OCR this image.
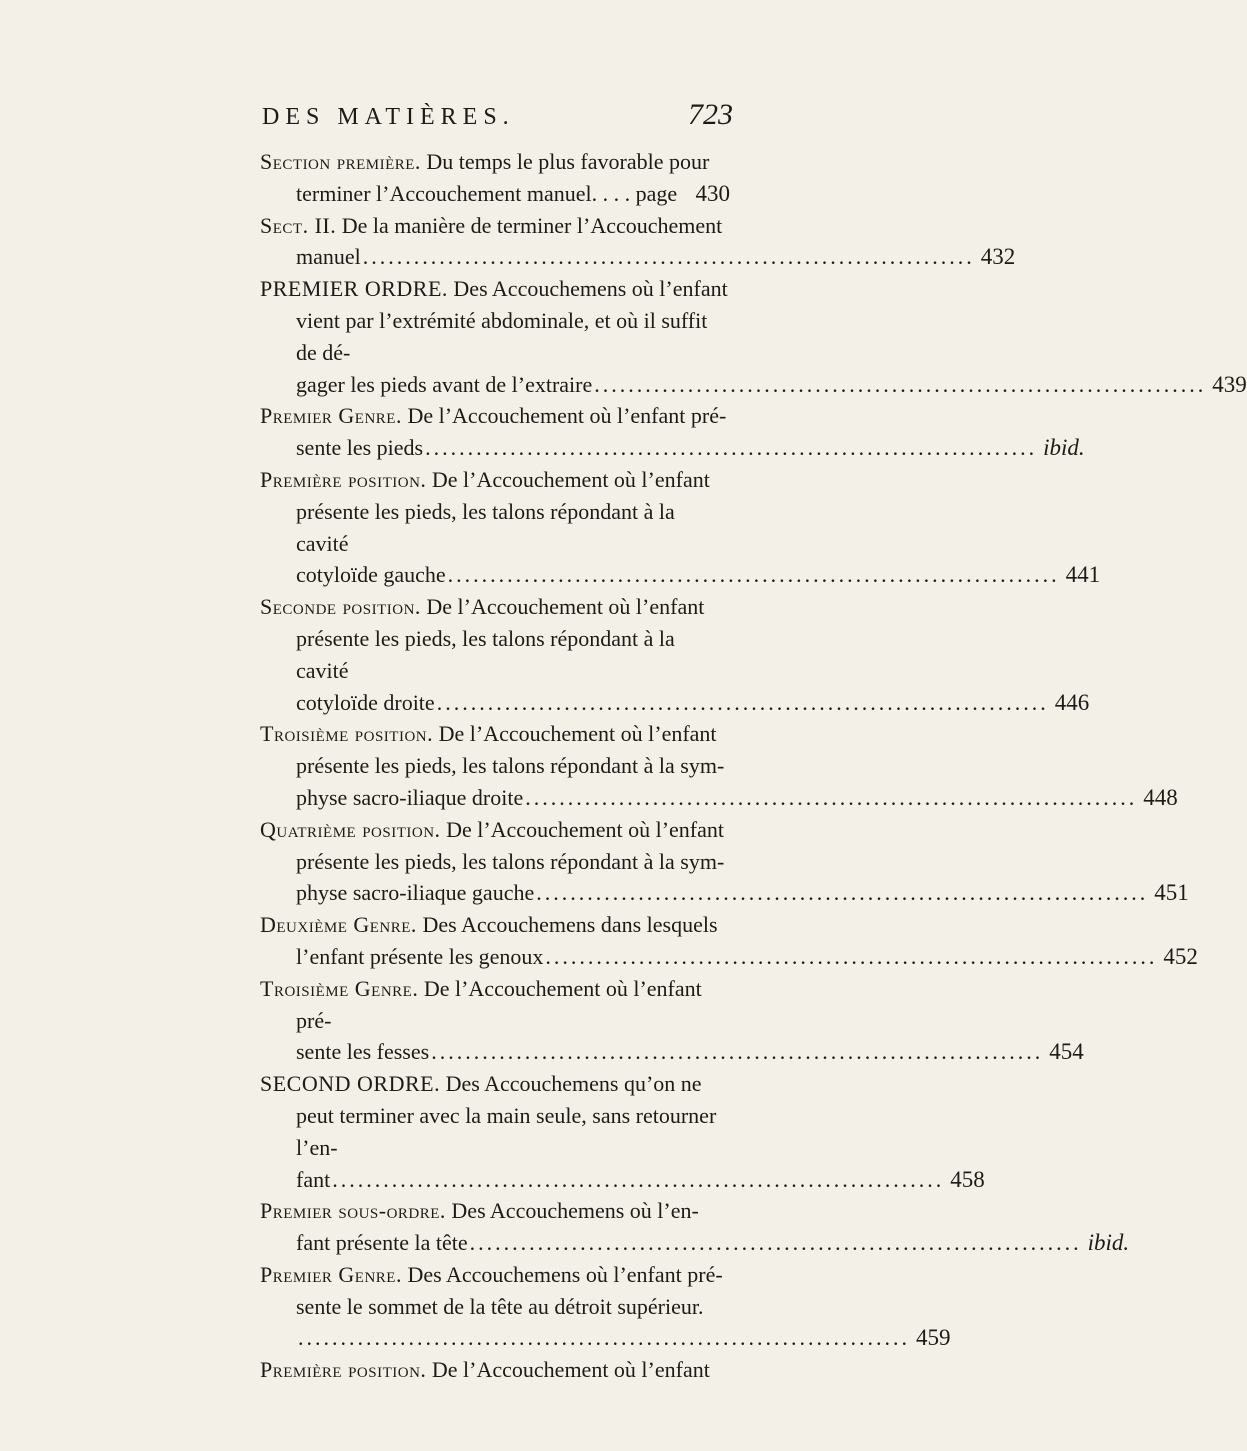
DES MATIÈRES.	723
Section première. Du temps le plus favorable pour
terminer l’Accouchement manuel. . . . page 430
Sect. II. De la manière de terminer l’Accouchement
manuel ........................................................................ 432
PREMIER ORDRE. Des Accouchemens où l’enfant vient par l’extrémité abdominale, et où il suffit de dé-
gager les pieds avant de l’extraire ........................................................................ 439
Premier Genre. De l’Accouchement où l’enfant pré-
sente les pieds ........................................................................ ibid.
Première position. De l’Accouchement où l’enfant présente les pieds, les talons répondant à la cavité
cotyloïde gauche ........................................................................ 441
Seconde position. De l’Accouchement où l’enfant présente les pieds, les talons répondant à la cavité
cotyloïde droite ........................................................................ 446
Troisième position. De l’Accouchement où l’enfant présente les pieds, les talons répondant à la sym-
physe sacro-iliaque droite ........................................................................ 448
Quatrième position. De l’Accouchement où l’enfant présente les pieds, les talons répondant à la sym-
physe sacro-iliaque gauche ........................................................................ 451
Deuxième Genre. Des Accouchemens dans lesquels
l’enfant présente les genoux ........................................................................ 452
Troisième Genre. De l’Accouchement où l’enfant pré-
sente les fesses ........................................................................ 454
SECOND ORDRE. Des Accouchemens qu’on ne peut terminer avec la main seule, sans retourner l’en-
fant ........................................................................ 458
Premier sous-ordre. Des Accouchemens où l’en-
fant présente la tête ........................................................................ ibid.
Premier Genre. Des Accouchemens où l’enfant pré- sente le sommet de la tête au détroit supérieur.
........................................................................ 459
Première position. De l’Accouchement où l’enfant
